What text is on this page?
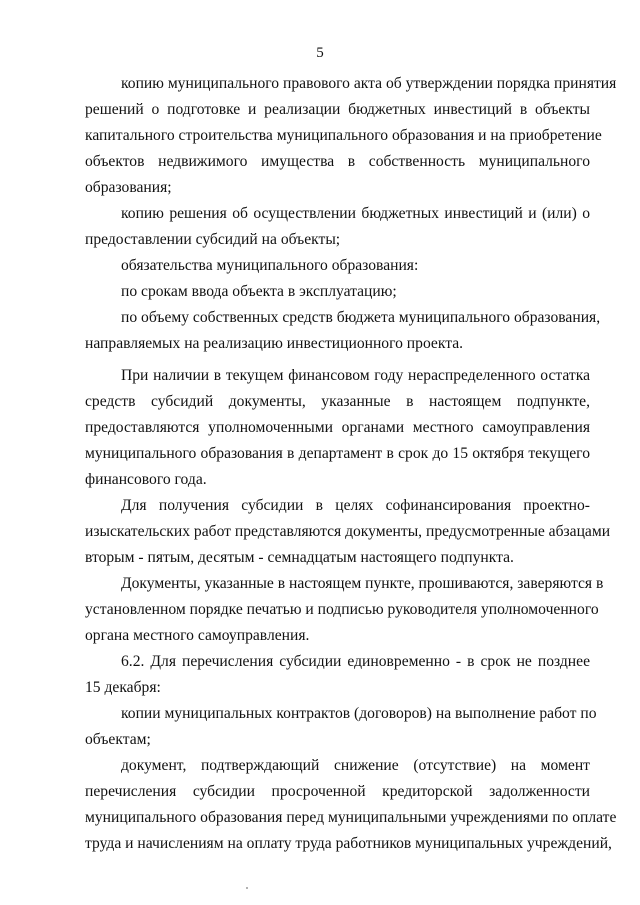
5
копию муниципального правового акта об утверждении порядка принятия
решений о подготовке и реализации бюджетных инвестиций в объекты
капитального строительства муниципального образования и на приобретение
объектов недвижимого имущества в собственность муниципального
образования;
копию решения об осуществлении бюджетных инвестиций и (или) о
предоставлении субсидий на объекты;
обязательства муниципального образования:
по срокам ввода объекта в эксплуатацию;
по объему собственных средств бюджета муниципального образования,
направляемых на реализацию инвестиционного проекта.
При наличии в текущем финансовом году нераспределенного остатка
средств субсидий документы, указанные в настоящем подпункте,
предоставляются уполномоченными органами местного самоуправления
муниципального образования в департамент в срок до 15 октября текущего
финансового года.
Для получения субсидии в целях софинансирования проектно-
изыскательских работ представляются документы, предусмотренные абзацами
вторым - пятым, десятым - семнадцатым настоящего подпункта.
Документы, указанные в настоящем пункте, прошиваются, заверяются в
установленном порядке печатью и подписью руководителя уполномоченного
органа местного самоуправления.
6.2. Для перечисления субсидии единовременно - в срок не позднее
15 декабря:
копии муниципальных контрактов (договоров) на выполнение работ по
объектам;
документ, подтверждающий снижение (отсутствие) на момент
перечисления субсидии просроченной кредиторской задолженности
муниципального образования перед муниципальными учреждениями по оплате
труда и начислениям на оплату труда работников муниципальных учреждений,
